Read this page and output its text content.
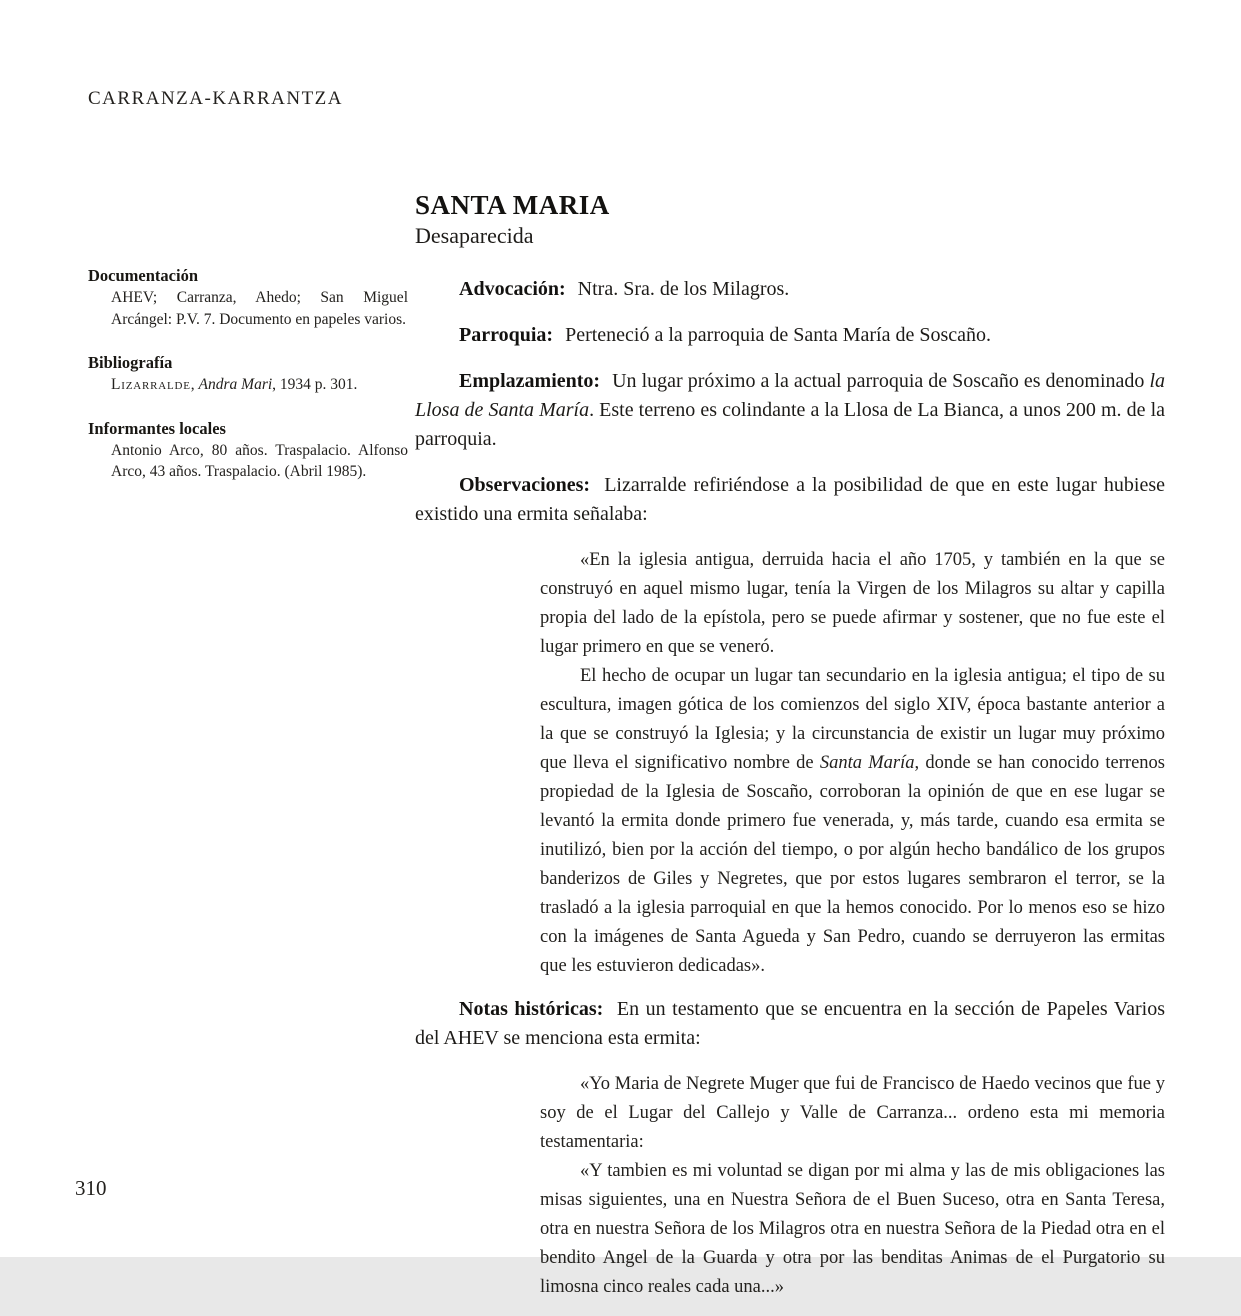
CARRANZA-KARRANTZA

Documentación

AHEV; Carranza, Ahedo; San Miguel Arcángel: P.V. 7. Documento en papeles varios.

Bibliografía

Lizarralde, Andra Mari, 1934 p. 301.

Informantes locales

Antonio Arco, 80 años. Traspalacio. Alfonso Arco, 43 años. Traspalacio. (Abril 1985).

SANTA MARIA

Desaparecida

Advocación: Ntra. Sra. de los Milagros.

Parroquia: Perteneció a la parroquia de Santa María de Soscaño.

Emplazamiento: Un lugar próximo a la actual parroquia de Soscaño es denominado la Llosa de Santa María. Este terreno es colindante a la Llosa de La Bianca, a unos 200 m. de la parroquia.

Observaciones: Lizarralde refiriéndose a la posibilidad de que en este lugar hubiese existido una ermita señalaba:

«En la iglesia antigua, derruida hacia el año 1705, y también en la que se construyó en aquel mismo lugar, tenía la Virgen de los Milagros su altar y capilla propia del lado de la epístola, pero se puede afirmar y sostener, que no fue este el lugar primero en que se veneró.

El hecho de ocupar un lugar tan secundario en la iglesia antigua; el tipo de su escultura, imagen gótica de los comienzos del siglo XIV, época bastante anterior a la que se construyó la Iglesia; y la circunstancia de existir un lugar muy próximo que lleva el significativo nombre de Santa María, donde se han conocido terrenos propiedad de la Iglesia de Soscaño, corroboran la opinión de que en ese lugar se levantó la ermita donde primero fue venerada, y, más tarde, cuando esa ermita se inutilizó, bien por la acción del tiempo, o por algún hecho bandálico de los grupos banderizos de Giles y Negretes, que por estos lugares sembraron el terror, se la trasladó a la iglesia parroquial en que la hemos conocido. Por lo menos eso se hizo con la imágenes de Santa Agueda y San Pedro, cuando se derruyeron las ermitas que les estuvieron dedicadas».

Notas históricas: En un testamento que se encuentra en la sección de Papeles Varios del AHEV se menciona esta ermita:

«Yo Maria de Negrete Muger que fui de Francisco de Haedo vecinos que fue y soy de el Lugar del Callejo y Valle de Carranza... ordeno esta mi memoria testamentaria:

«Y tambien es mi voluntad se digan por mi alma y las de mis obligaciones las misas siguientes, una en Nuestra Señora de el Buen Suceso, otra en Santa Teresa, otra en nuestra Señora de los Milagros otra en nuestra Señora de la Piedad otra en el bendito Angel de la Guarda y otra por las benditas Animas de el Purgatorio su limosna cinco reales cada una...»

310
